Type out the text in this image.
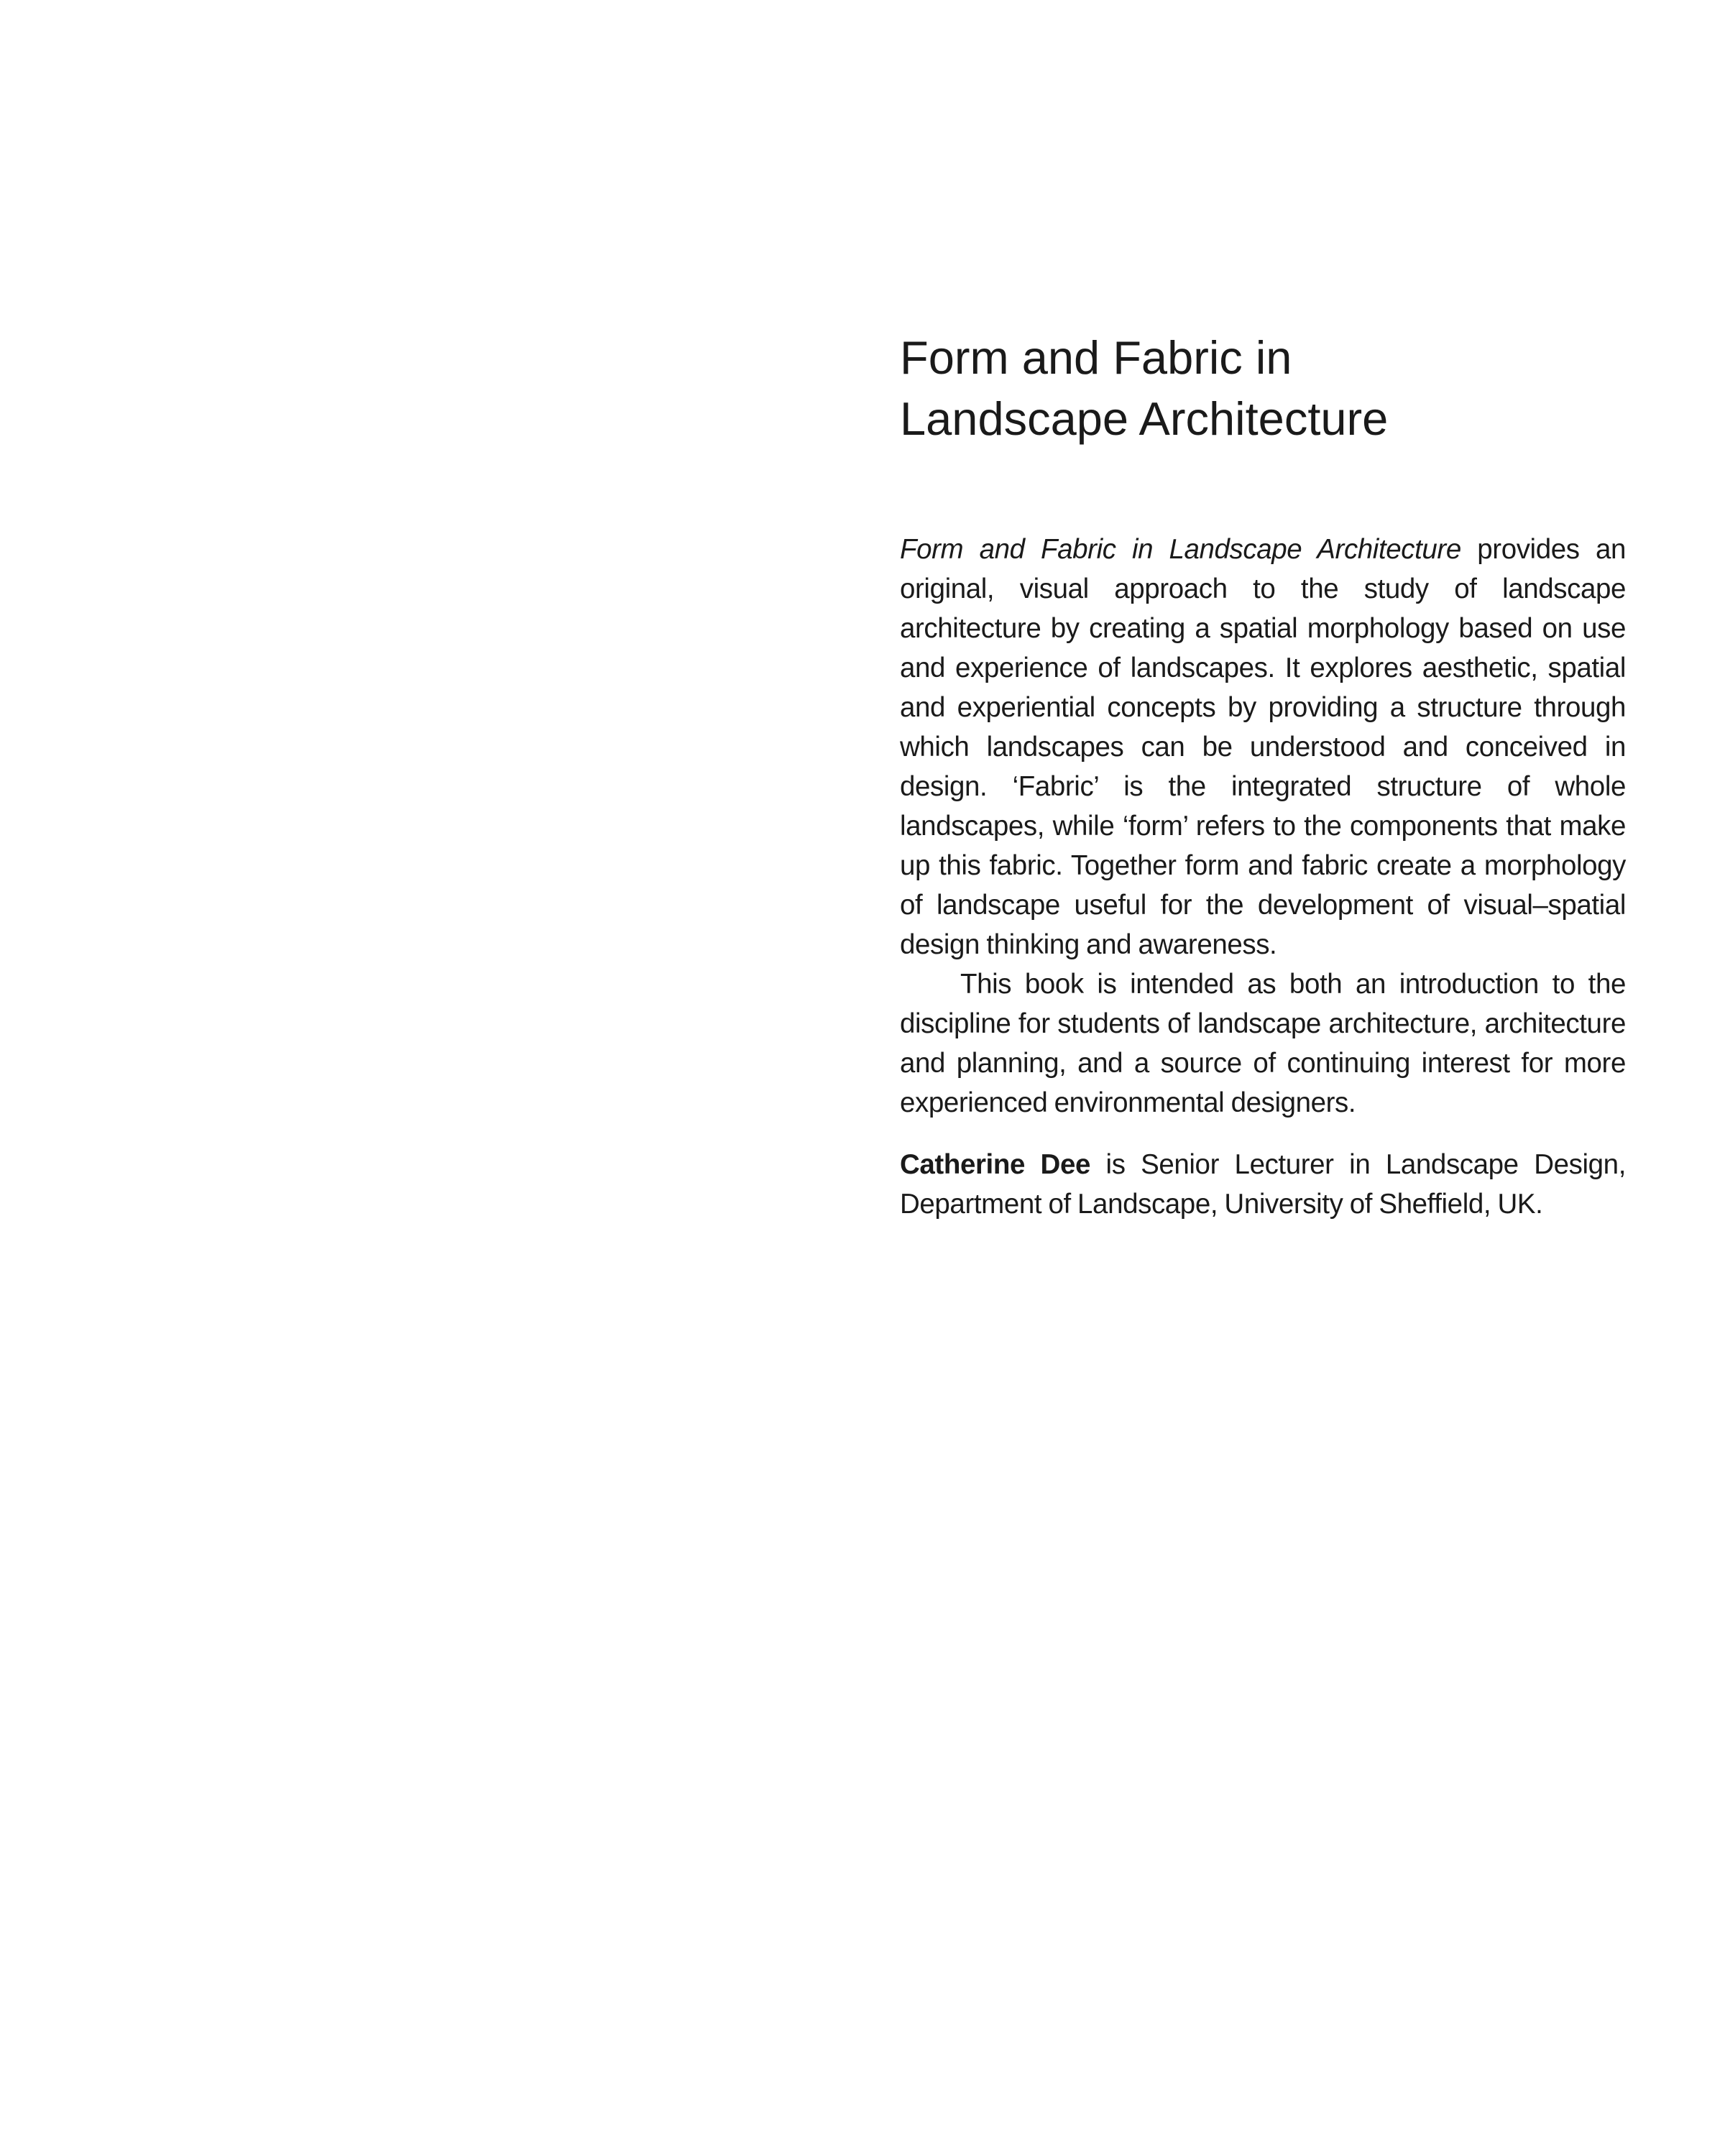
Form and Fabric in
Landscape Architecture

Form and Fabric in Landscape Architecture provides an original, visual approach to the study of landscape architecture by creating a spatial morphology based on use and experience of landscapes. It explores aesthetic, spatial and experiential concepts by providing a structure through which landscapes can be understood and conceived in design. ‘Fabric’ is the integrated structure of whole landscapes, while ‘form’ refers to the components that make up this fabric. Together form and fabric create a morphology of landscape useful for the development of visual–spatial design thinking and awareness.

This book is intended as both an introduction to the discipline for students of landscape architecture, architecture and planning, and a source of continuing interest for more experienced environmental designers.

Catherine Dee is Senior Lecturer in Landscape Design, Department of Landscape, University of Sheffield, UK.
